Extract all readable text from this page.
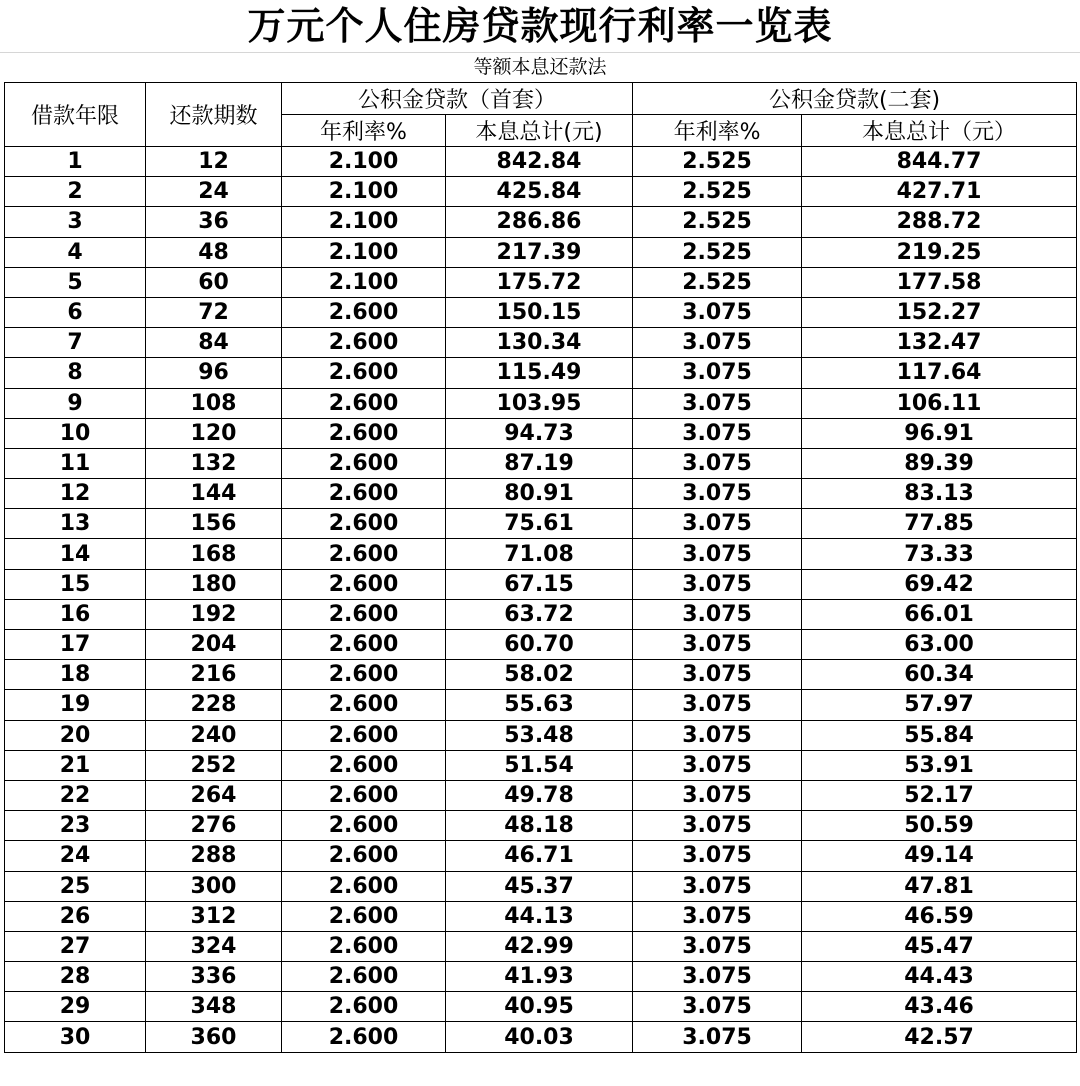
万元个人住房贷款现行利率一览表
等额本息还款法
借款年限	还款期数	公积金贷款（首套）		公积金贷款(二套)	
		年利率%	本息总计(元)	年利率%	本息总计（元）
1	12	2.100	842.84	2.525	844.77
2	24	2.100	425.84	2.525	427.71
3	36	2.100	286.86	2.525	288.72
4	48	2.100	217.39	2.525	219.25
5	60	2.100	175.72	2.525	177.58
6	72	2.600	150.15	3.075	152.27
7	84	2.600	130.34	3.075	132.47
8	96	2.600	115.49	3.075	117.64
9	108	2.600	103.95	3.075	106.11
10	120	2.600	94.73	3.075	96.91
11	132	2.600	87.19	3.075	89.39
12	144	2.600	80.91	3.075	83.13
13	156	2.600	75.61	3.075	77.85
14	168	2.600	71.08	3.075	73.33
15	180	2.600	67.15	3.075	69.42
16	192	2.600	63.72	3.075	66.01
17	204	2.600	60.70	3.075	63.00
18	216	2.600	58.02	3.075	60.34
19	228	2.600	55.63	3.075	57.97
20	240	2.600	53.48	3.075	55.84
21	252	2.600	51.54	3.075	53.91
22	264	2.600	49.78	3.075	52.17
23	276	2.600	48.18	3.075	50.59
24	288	2.600	46.71	3.075	49.14
25	300	2.600	45.37	3.075	47.81
26	312	2.600	44.13	3.075	46.59
27	324	2.600	42.99	3.075	45.47
28	336	2.600	41.93	3.075	44.43
29	348	2.600	40.95	3.075	43.46
30	360	2.600	40.03	3.075	42.57
